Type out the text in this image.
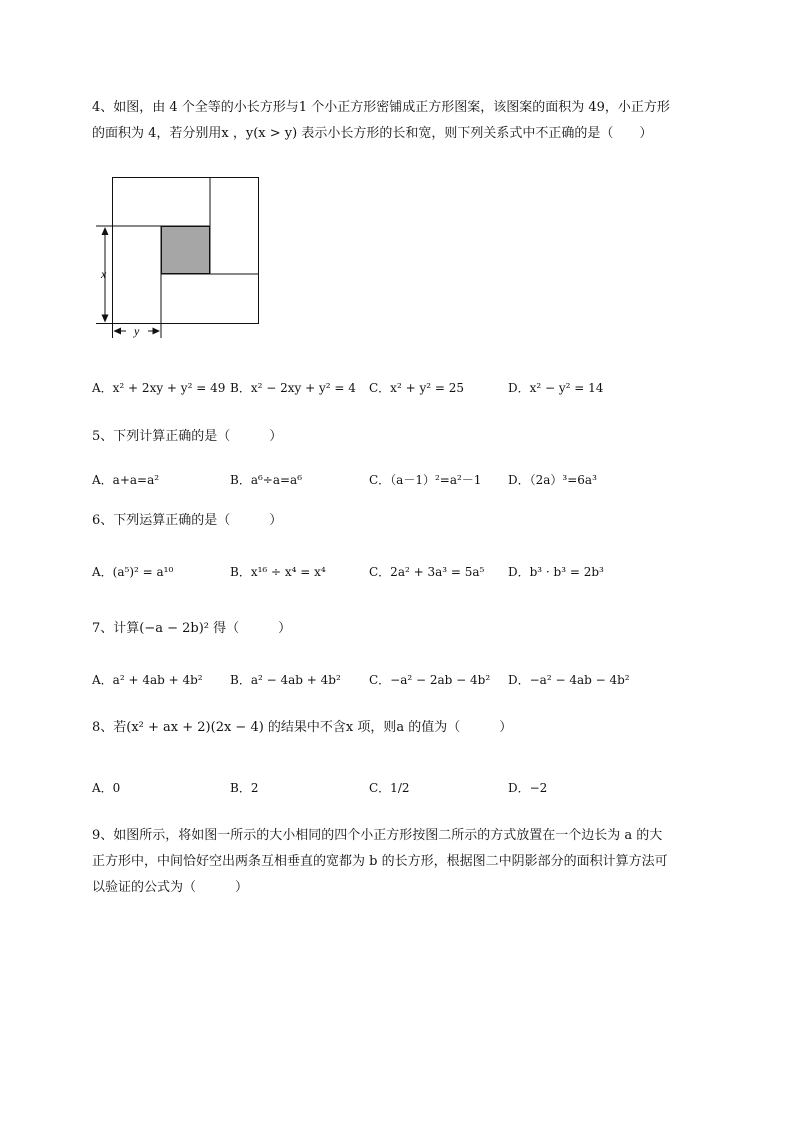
4、如图，由 4 个全等的小长方形与1 个小正方形密铺成正方形图案，该图案的面积为 49，小正方形
的面积为 4，若分别用x ，y(x > y) 表示小长方形的长和宽，则下列关系式中不正确的是（　　）
x
y
A．x² + 2xy + y² = 49 B．x² − 2xy + y² = 4 C．x² + y² = 25	D．x² − y² = 14
5、下列计算正确的是（　　　）
A．a+a=a²	B．a⁶÷a=a⁶	C．（a－1）²=a²－1 D．（2a）³=6a³
6、下列运算正确的是（　　　）
A．(a⁵)² = a¹⁰	B．x¹⁶ ÷ x⁴ = x⁴	C．2a² + 3a³ = 5a⁵ D．b³ · b³ = 2b³
7、计算(−a − 2b)² 得（　　　）
A．a² + 4ab + 4b² B．a² − 4ab + 4b² C．−a² − 2ab − 4b² D．−a² − 4ab − 4b²
8、若(x² + ax + 2)(2x − 4) 的结果中不含x 项，则a 的值为（　　　）
A．0	B．2	C．1/2	D．−2
9、如图所示，将如图一所示的大小相同的四个小正方形按图二所示的方式放置在一个边长为 a 的大
正方形中，中间恰好空出两条互相垂直的宽都为 b 的长方形，根据图二中阴影部分的面积计算方法可
以验证的公式为（　　　）
